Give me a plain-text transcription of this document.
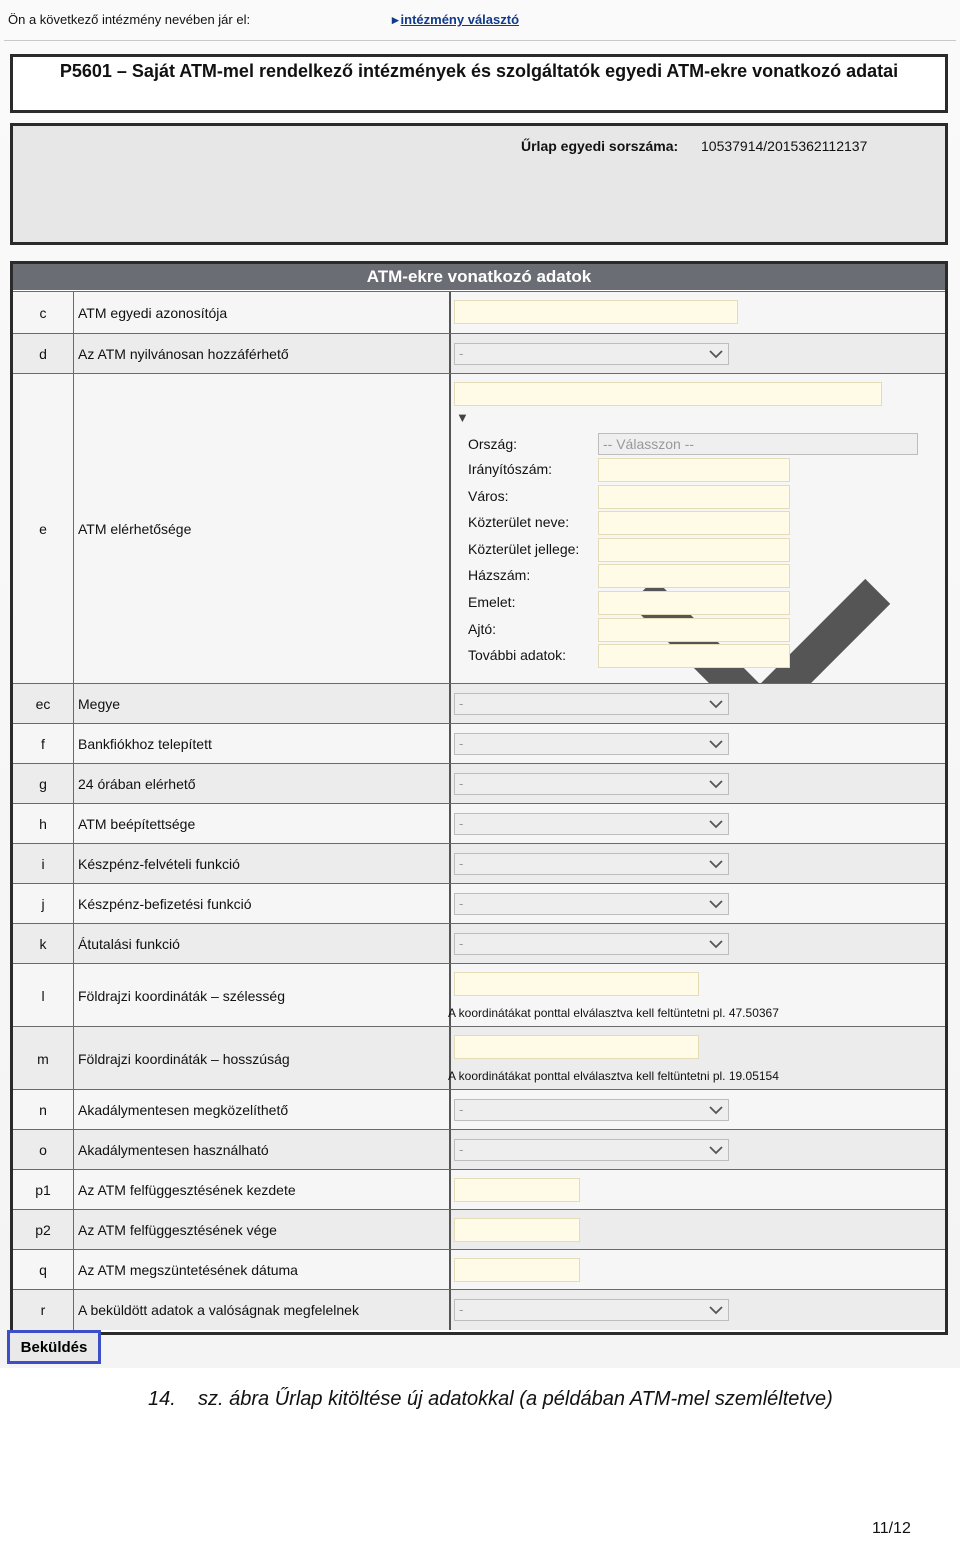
Ön a következő intézmény nevében jár el:
▸	intézmény választó
P5601 – Saját ATM-mel rendelkező intézmények és szolgáltatók egyedi ATM-ekre vonatkozó adatai
Űrlap egyedi sorszáma: 10537914/2015362112137
ATM-ekre vonatkozó adatok
c	ATM egyedi azonosítója
d	Az ATM nyilvánosan hozzáférhető	-
e	ATM elérhetősége
▼
Ország:	-- Válasszon --
Irányítószám:
Város:
Közterület neve:
Közterület jellege:
Házszám:
Emelet:
Ajtó:
További adatok:
ec	Megye	-
f	Bankfiókhoz telepített	-
g	24 órában elérhető	-
h	ATM beépítettsége	-
i	Készpénz-felvételi funkció	-
j	Készpénz-befizetési funkció	-
k	Átutalási funkció	-
l	Földrajzi koordináták – szélesség
A koordinátákat ponttal elválasztva kell feltüntetni pl. 47.50367
m	Földrajzi koordináták – hosszúság
A koordinátákat ponttal elválasztva kell feltüntetni pl. 19.05154
n	Akadálymentesen megközelíthető	-
o	Akadálymentesen használható	-
p1	Az ATM felfüggesztésének kezdete
p2	Az ATM felfüggesztésének vége
q	Az ATM megszüntetésének dátuma
r	A beküldött adatok a valóságnak megfelelnek	-
Beküldés
14.    sz. ábra Űrlap kitöltése új adatokkal (a példában ATM-mel szemléltetve)
11/12
